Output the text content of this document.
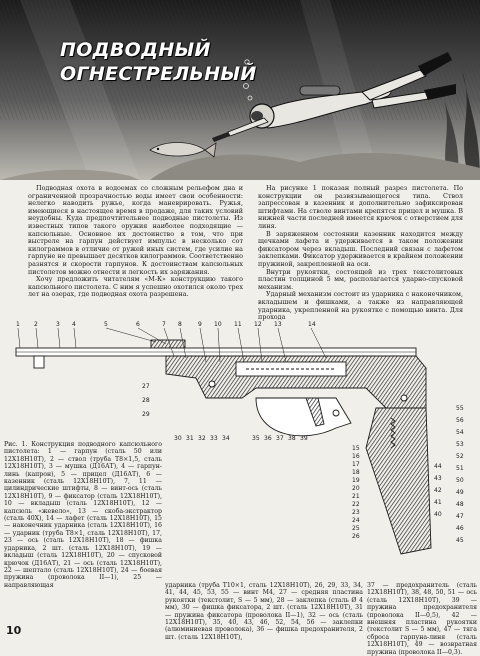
ПОДВОДНЫЙ
ОГНЕСТРЕЛЬНЫЙ

Подводная охота в водоемах со сложным рельефом дна и ограниченной прозрачностью воды имеет свои особенности: нелегко наводить ружье, когда маневрировать. Ружья, имеющиеся в настоящее время в продаже, для таких условий неудобны. Куда предпочтительнее подводные пистолеты. Из известных типов такого оружия наиболее подходящие — капсюльные. Основное их достоинство в том, что при выстреле на гарпун действует импульс в несколько сот килограммов в отличие от ружей иных систем, где усилие на гарпуне не превышает десятков килограммов. Соответственно разнятся и скорости гарпунов. К достоинствам капсюльных пистолетов можно отнести и легкость их заряжания.

Хочу предложить читателям «М-К» конструкцию такого капсюльного пистолета. С ним я успешно охотился около трех лет на озерах, где подводная охота разрешена.

На рисунке 1 показан полный разрез пистолета. По конструкции он развязывающегося типа. Ствол запрессован в казенник и дополнительно зафиксирован штифтами. На стволе винтами крепятся прицел и мушка. В нижней части последней имеется крючок с отверстием для линя.

В заряженном состоянии казенник находится между щечками лафета и удерживается в таком положении фиксатором через вкладыш. Последний связан с лафетом заклепками. Фиксатор удерживается в крайнем положении пружиной, закрепленной на оси.

Внутри рукоятки, состоящей из трех текстолитовых пластин толщиной 5 мм, располагается ударно-спусковой механизм.

Ударный механизм состоит из ударника с наконечником, вкладышем и фишками, а также из направляющей ударника, укрепленной на рукоятке с помощью винта. Для прохода

1 2	3 4	5	6	7 8	9 10 11 12 13	14
15
16
17
18
19
20
21
22
23
24
25
26
55
56
54
53
52
51
50
49
48
47
46
45
44
43
42
41
40
30 31 32 33 34	35 36 37 38 39
27
28
29

Рис. 1. Конструкция подводного капсюльного пистолета: 1 — гарпун (сталь 50 или 12Х18Н10Т), 2 — ствол (труба Т8×1,5, сталь 12Х18Н10Т), 3 — мушка (Д16АТ), 4 — гарпун-линь (капрон), 5 — прицел (Д16АТ), 6 — казенник (сталь 12Х18Н10Т), 7, 11 — цилиндрические штифты, 8 — винт-ось (сталь 12Х18Н10Т), 9 — фиксатор (сталь 12Х18Н10Т), 10 — вкладыш (сталь 12Х18Н10Т), 12 — капсюль «жевело», 13 — скоба-экстрактор (сталь 40Х), 14 — лафет (сталь 12Х18Н10Т), 15 — наконечник ударника (сталь 12Х18Н10Т), 16 — ударник (труба Т8×1, сталь 12Х18Н10Т), 17, 23 — ось (сталь 12Х18Н10Т), 18 — фишка ударника, 2 шт. (сталь 12Х18Н10Т), 19 — вкладыш (сталь 12Х18Н10Т), 20 — спусковой крючок (Д16АТ), 21 — ось (сталь 12Х18Н10Т), 22 — шептало (сталь 12Х18Н10Т), 24 — боевая пружина (проволока II—1), 25 — направляющая	ударника (труба Т10×1, сталь 12Х18Н10Т), 26, 29, 33, 34, 41, 44, 45, 53, 55 — винт М4, 27 — средняя пластина рукоятки (текстолит, S — 5 мм), 28 — заклепка (сталь Ø 4 мм), 30 — фишка фиксатора, 2 шт. (сталь 12Х18Н10Т), 31 — пружина фиксатора (проволока II—1), 32 — ось (сталь 12Х18Н10Т), 35, 40, 43, 46, 52, 54, 56 — заклепки (алюминиевая проволока), 36 — фишка предохранителя, 2 шт. (сталь 12Х18Н10Т),

37 — предохранитель (сталь 12Х18Н10Т), 38, 48, 50, 51 — ось (сталь 12Х18Н10Т), 39 — пружина предохранителя (проволока II—0,5), 42 — внешняя пластина рукоятки (текстолит S — 5 мм), 47 — тяга сброса гарпуна-линя (сталь 12Х18Н10Т), 49 — возвратная пружина (проволока II—0,3).

10
